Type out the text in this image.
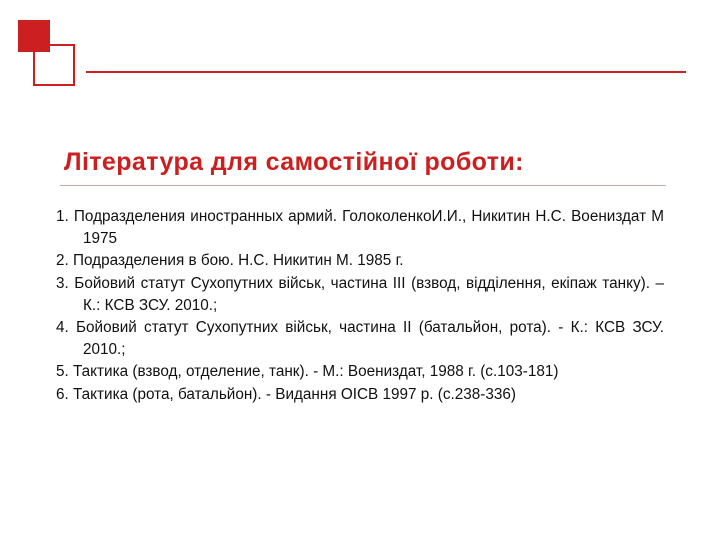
Література для самостійної роботи:
1. Подразделения иностранных армий. ГолоколенкоИ.И., Никитин Н.С. Воениздат М 1975
2. Подразделения в бою. Н.С. Никитин М. 1985 г.
3. Бойовий статут Сухопутних військ, частина III (взвод, відділення, екіпаж танку). – К.: КСВ ЗСУ. 2010.;
4. Бойовий статут Сухопутних військ, частина II (батальйон, рота). - К.: КСВ ЗСУ. 2010.;
5. Тактика (взвод, отделение, танк). - М.: Воениздат, 1988 г. (с.103-181)
6. Тактика (рота, батальйон). - Видання ОІСВ 1997 р. (с.238-336)
